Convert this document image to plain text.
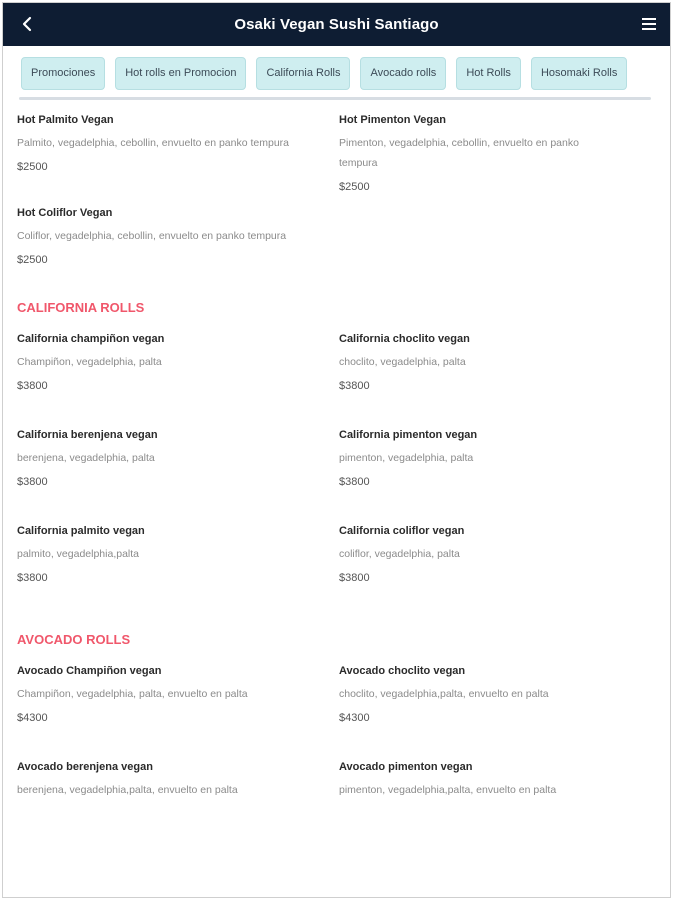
Osaki Vegan Sushi Santiago
Promociones	Hot rolls en Promocion	California Rolls	Avocado rolls	Hot Rolls	Hosomaki Rolls
Hot Palmito Vegan
Palmito, vegadelphia, cebollin, envuelto en panko tempura
$2500
Hot Pimenton Vegan
Pimenton, vegadelphia, cebollin, envuelto en panko tempura
$2500
Hot Coliflor Vegan
Coliflor, vegadelphia, cebollin, envuelto en panko tempura
$2500
CALIFORNIA ROLLS
California champiñon vegan
Champiñon, vegadelphia, palta
$3800
California choclito vegan
choclito, vegadelphia, palta
$3800
California berenjena vegan
berenjena, vegadelphia, palta
$3800
California pimenton vegan
pimenton, vegadelphia, palta
$3800
California palmito vegan
palmito, vegadelphia,palta
$3800
California coliflor vegan
coliflor, vegadelphia, palta
$3800
AVOCADO ROLLS
Avocado Champiñon vegan
Champiñon, vegadelphia, palta, envuelto en palta
$4300
Avocado choclito vegan
choclito, vegadelphia,palta, envuelto en palta
$4300
Avocado berenjena vegan
berenjena, vegadelphia,palta, envuelto en palta
Avocado pimenton vegan
pimenton, vegadelphia,palta, envuelto en palta
